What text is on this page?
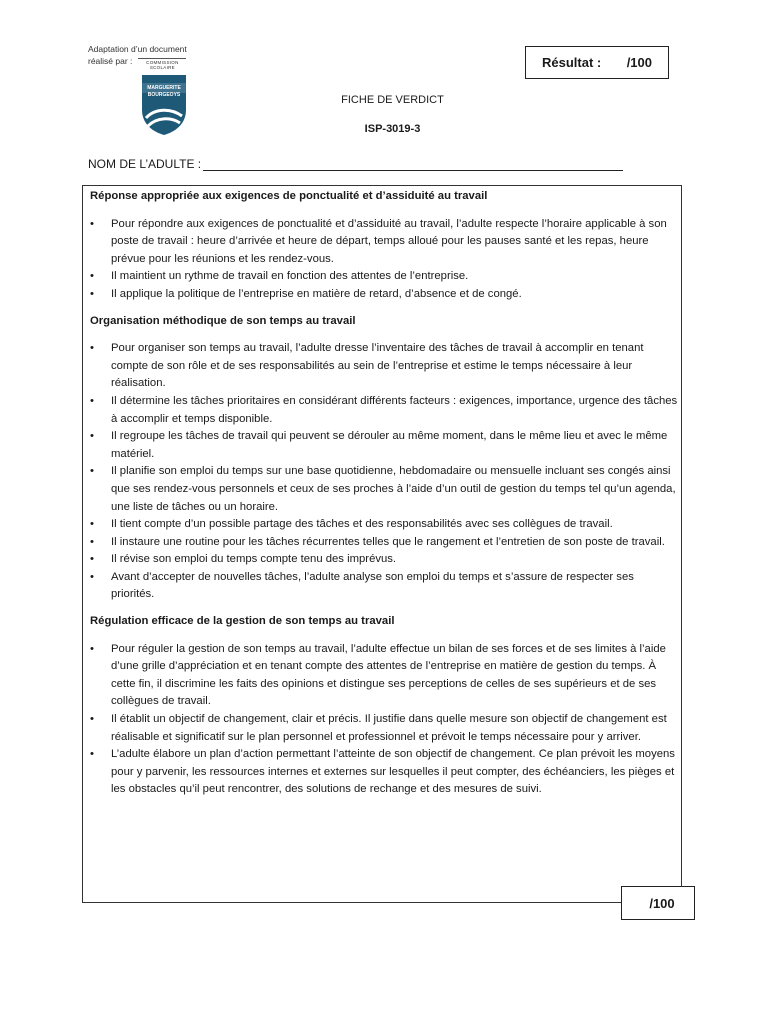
Adaptation d’un document
réalisé par :	COMMISSION
SCOLAIRE
MARGUERITE
BOURGEOYS
Résultat : /100
FICHE DE VERDICT
ISP-3019-3
NOM DE L’ADULTE :

Réponse appropriée aux exigences de ponctualité et d’assiduité au travail

•	Pour répondre aux exigences de ponctualité et d’assiduité au travail, l’adulte respecte l’horaire applicable à son poste de travail : heure d’arrivée et heure de départ, temps alloué pour les pauses santé et les repas, heure prévue pour les réunions et les rendez-vous.
•	Il maintient un rythme de travail en fonction des attentes de l’entreprise.
•	Il applique la politique de l’entreprise en matière de retard, d’absence et de congé.

Organisation méthodique de son temps au travail

•	Pour organiser son temps au travail, l’adulte dresse l’inventaire des tâches de travail à accomplir en tenant compte de son rôle et de ses responsabilités au sein de l’entreprise et estime le temps nécessaire à leur réalisation.
•	Il détermine les tâches prioritaires en considérant différents facteurs : exigences, importance, urgence des tâches à accomplir et temps disponible.
•	Il regroupe les tâches de travail qui peuvent se dérouler au même moment, dans le même lieu et avec le même matériel.
•	Il planifie son emploi du temps sur une base quotidienne, hebdomadaire ou mensuelle incluant ses congés ainsi que ses rendez-vous personnels et ceux de ses proches à l’aide d’un outil de gestion du temps tel qu’un agenda, une liste de tâches ou un horaire.
•	Il tient compte d’un possible partage des tâches et des responsabilités avec ses collègues de travail.
•	Il instaure une routine pour les tâches récurrentes telles que le rangement et l’entretien de son poste de travail.
•	Il révise son emploi du temps compte tenu des imprévus.
•	Avant d’accepter de nouvelles tâches, l’adulte analyse son emploi du temps et s’assure de respecter ses priorités.

Régulation efficace de la gestion de son temps au travail

•	Pour réguler la gestion de son temps au travail, l’adulte effectue un bilan de ses forces et de ses limites à l’aide d’une grille d’appréciation et en tenant compte des attentes de l’entreprise en matière de gestion du temps. À cette fin, il discrimine les faits des opinions et distingue ses perceptions de celles de ses supérieurs et de ses collègues de travail.
•	Il établit un objectif de changement, clair et précis. Il justifie dans quelle mesure son objectif de changement est réalisable et significatif sur le plan personnel et professionnel et prévoit le temps nécessaire pour y arriver.
•	L’adulte élabore un plan d’action permettant l’atteinte de son objectif de changement. Ce plan prévoit les moyens pour y parvenir, les ressources internes et externes sur lesquelles il peut compter, des échéanciers, les pièges et les obstacles qu’il peut rencontrer, des solutions de rechange et des mesures de suivi.
/100
